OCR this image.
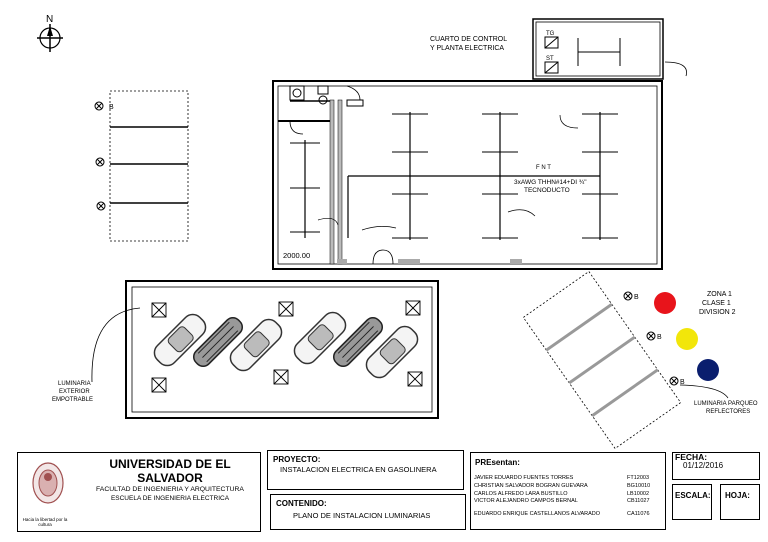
N
TG
ST
CUARTO DE CONTROL
Y PLANTA ELECTRICA
F N T
3xAWG THHN#14+DI ¾"
TECNODUCTO
2000.00
LUMINARIA
EXTERIOR
EMPOTRABLE
B
B
B
B
ZONA 1
CLASE 1
DIVISION 2
LUMINARIA PARQUEO
REFLECTORES
Hacia la libertad por la cultura
UNIVERSIDAD DE EL
SALVADOR
FACULTAD DE INGENIERIA Y ARQUITECTURA
ESCUELA DE INGENIERIA ELECTRICA
PROYECTO:
INSTALACION ELECTRICA EN GASOLINERA
CONTENIDO:
PLANO DE INSTALACION LUMINARIAS
PREsentan:
JAVIER EDUARDO FUENTES TORRES	FT12003
CHRISTIAN SALVADOR BOGRAN GUEVARA	BG10010
CARLOS ALFREDO LARA BUSTILLO	LB10002
VICTOR ALEJANDRO CAMPOS BERNAL	CB11027
EDUARDO ENRIQUE CASTELLANOS ALVARADO	CA11076
FECHA:
01/12/2016
ESCALA: HOJA:
